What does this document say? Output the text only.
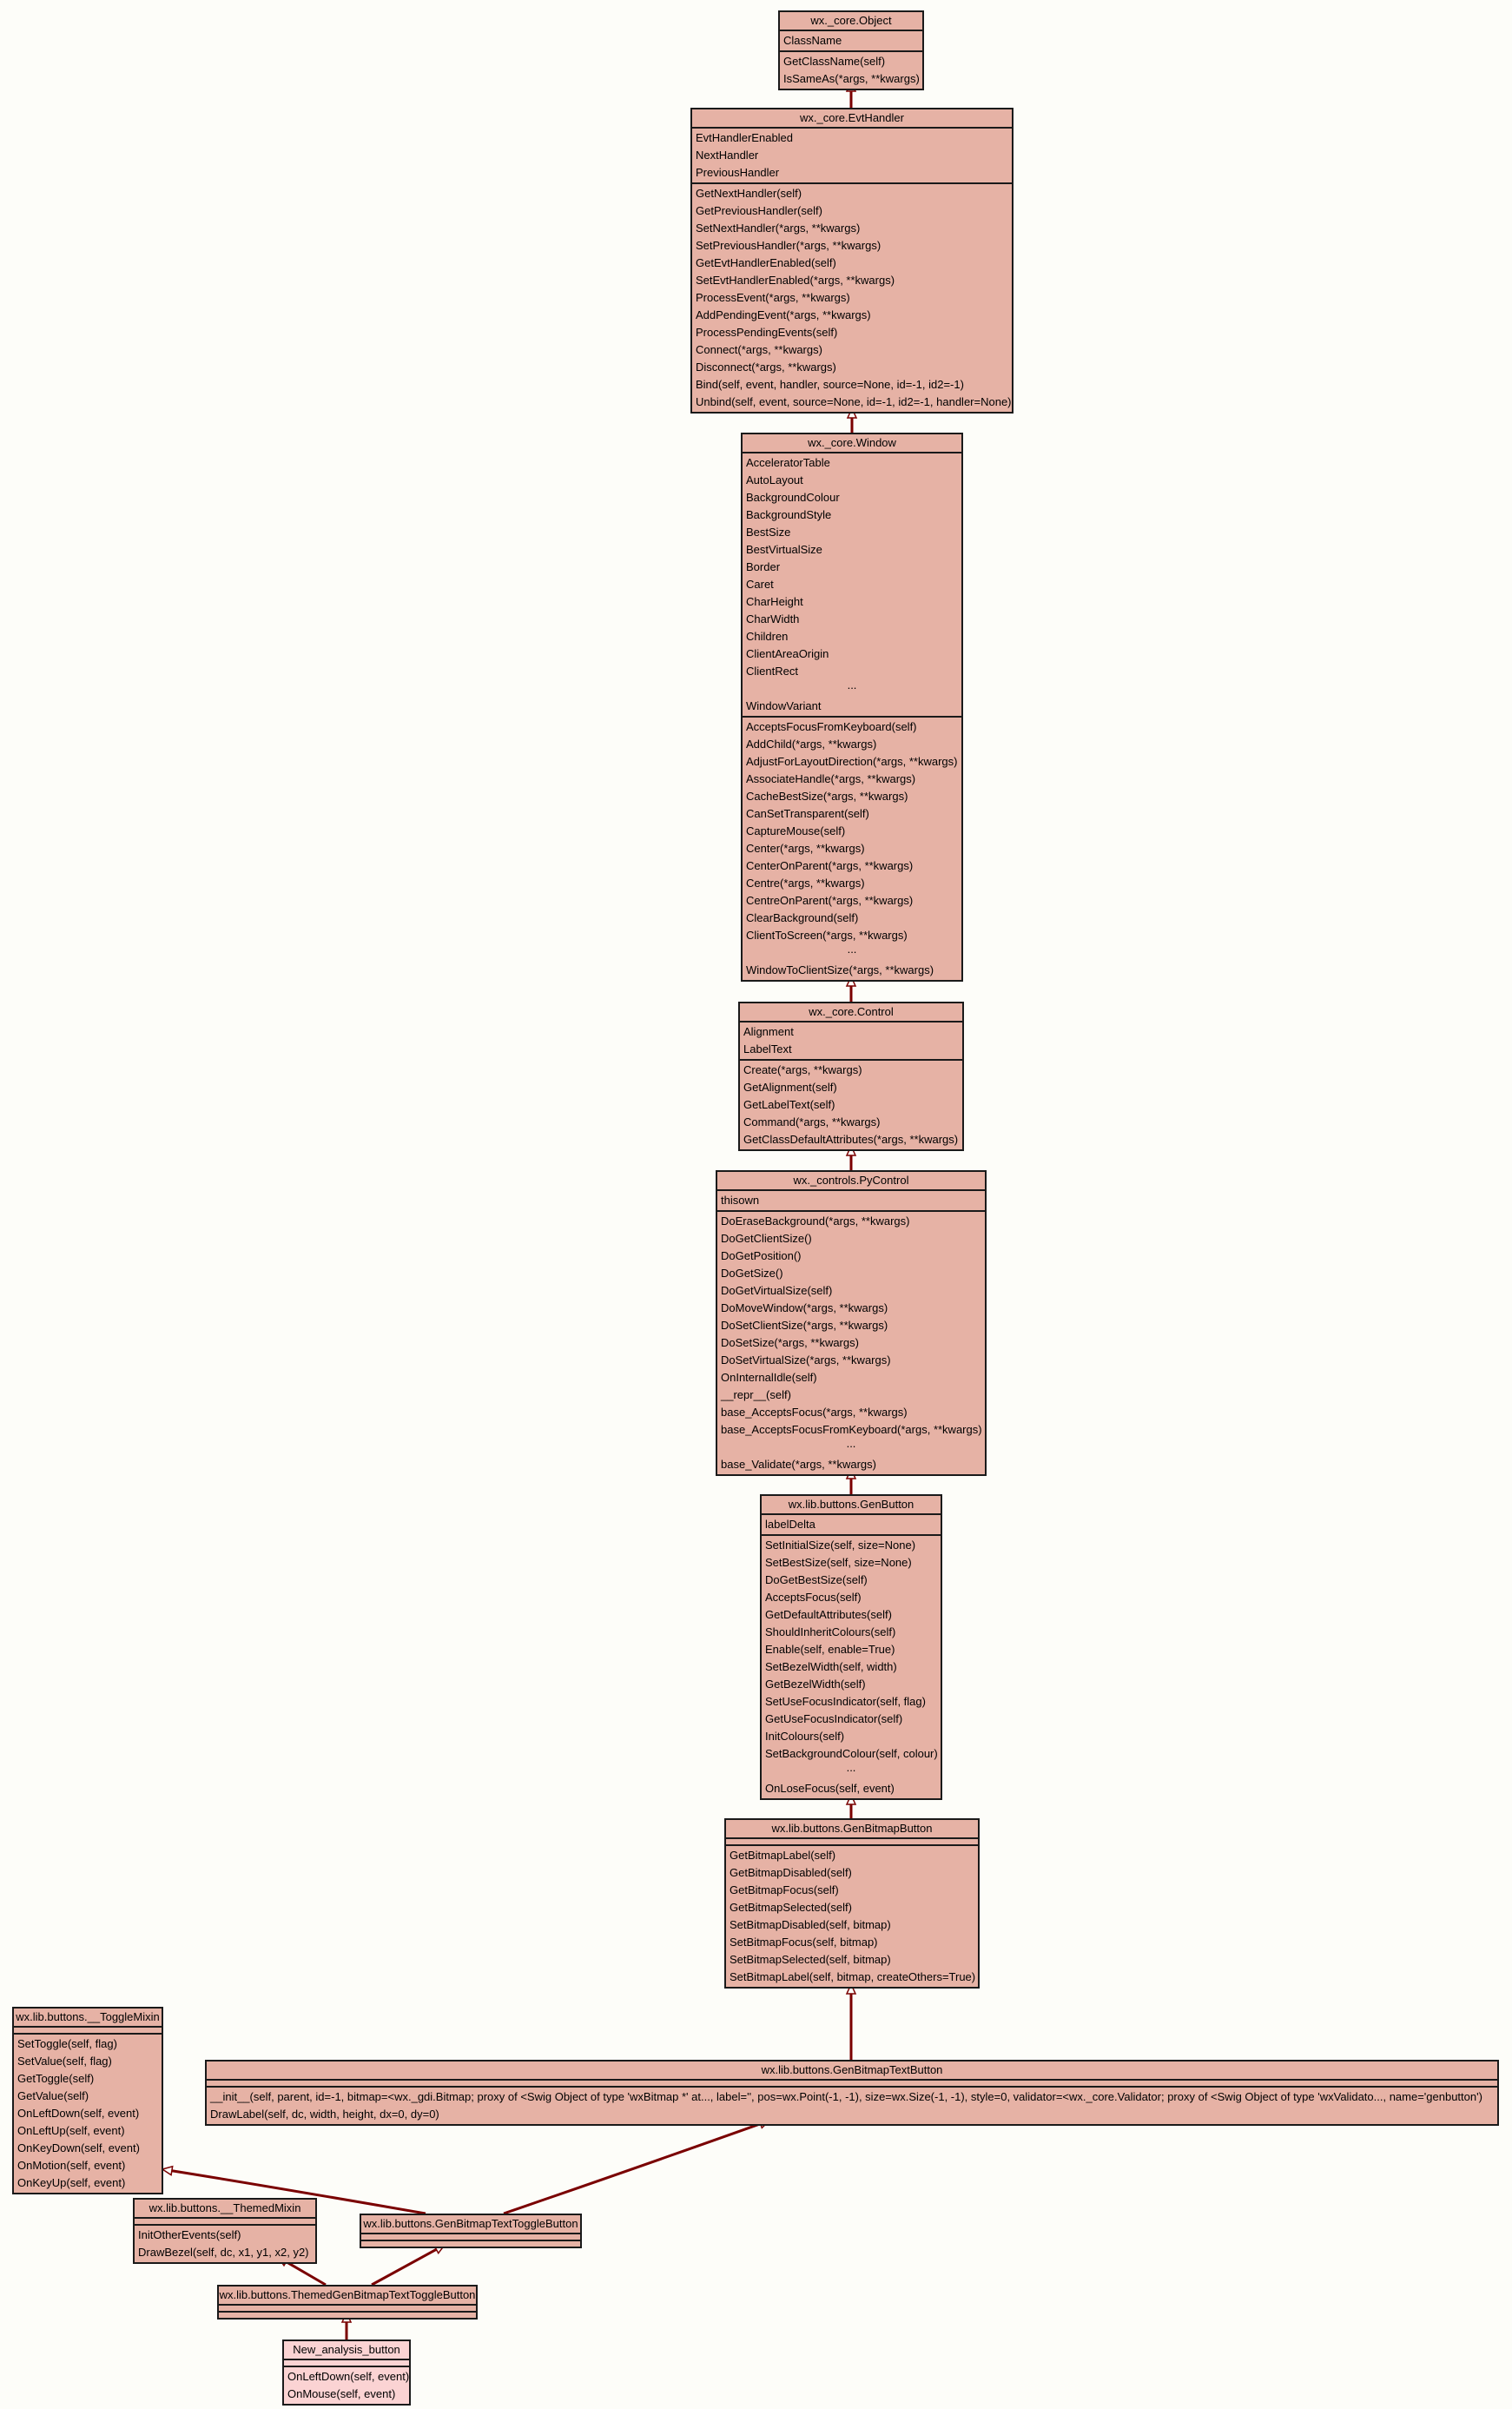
wx._core.Object
ClassName
GetClassName(self)
IsSameAs(*args, **kwargs)
wx._core.EvtHandler
EvtHandlerEnabled
NextHandler
PreviousHandler
GetNextHandler(self)
GetPreviousHandler(self)
SetNextHandler(*args, **kwargs)
SetPreviousHandler(*args, **kwargs)
GetEvtHandlerEnabled(self)
SetEvtHandlerEnabled(*args, **kwargs)
ProcessEvent(*args, **kwargs)
AddPendingEvent(*args, **kwargs)
ProcessPendingEvents(self)
Connect(*args, **kwargs)
Disconnect(*args, **kwargs)
Bind(self, event, handler, source=None, id=-1, id2=-1)
Unbind(self, event, source=None, id=-1, id2=-1, handler=None)
wx._core.Window
AcceleratorTable
AutoLayout
BackgroundColour
BackgroundStyle
BestSize
BestVirtualSize
Border
Caret
CharHeight
CharWidth
Children
ClientAreaOrigin
ClientRect
...
WindowVariant
AcceptsFocusFromKeyboard(self)
AddChild(*args, **kwargs)
AdjustForLayoutDirection(*args, **kwargs)
AssociateHandle(*args, **kwargs)
CacheBestSize(*args, **kwargs)
CanSetTransparent(self)
CaptureMouse(self)
Center(*args, **kwargs)
CenterOnParent(*args, **kwargs)
Centre(*args, **kwargs)
CentreOnParent(*args, **kwargs)
ClearBackground(self)
ClientToScreen(*args, **kwargs)
...
WindowToClientSize(*args, **kwargs)
wx._core.Control
Alignment
LabelText
Create(*args, **kwargs)
GetAlignment(self)
GetLabelText(self)
Command(*args, **kwargs)
GetClassDefaultAttributes(*args, **kwargs)
wx._controls.PyControl
thisown
DoEraseBackground(*args, **kwargs)
DoGetClientSize()
DoGetPosition()
DoGetSize()
DoGetVirtualSize(self)
DoMoveWindow(*args, **kwargs)
DoSetClientSize(*args, **kwargs)
DoSetSize(*args, **kwargs)
DoSetVirtualSize(*args, **kwargs)
OnInternalIdle(self)
__repr__(self)
base_AcceptsFocus(*args, **kwargs)
base_AcceptsFocusFromKeyboard(*args, **kwargs)
...
base_Validate(*args, **kwargs)
wx.lib.buttons.GenButton
labelDelta
SetInitialSize(self, size=None)
SetBestSize(self, size=None)
DoGetBestSize(self)
AcceptsFocus(self)
GetDefaultAttributes(self)
ShouldInheritColours(self)
Enable(self, enable=True)
SetBezelWidth(self, width)
GetBezelWidth(self)
SetUseFocusIndicator(self, flag)
GetUseFocusIndicator(self)
InitColours(self)
SetBackgroundColour(self, colour)
...
OnLoseFocus(self, event)
wx.lib.buttons.GenBitmapButton
GetBitmapLabel(self)
GetBitmapDisabled(self)
GetBitmapFocus(self)
GetBitmapSelected(self)
SetBitmapDisabled(self, bitmap)
SetBitmapFocus(self, bitmap)
SetBitmapSelected(self, bitmap)
SetBitmapLabel(self, bitmap, createOthers=True)
wx.lib.buttons.GenBitmapTextButton
__init__(self, parent, id=-1, bitmap=<wx._gdi.Bitmap; proxy of <Swig Object of type 'wxBitmap *' at..., label='', pos=wx.Point(-1, -1), size=wx.Size(-1, -1), style=0, validator=<wx._core.Validator; proxy of <Swig Object of type 'wxValidato..., name='genbutton')
DrawLabel(self, dc, width, height, dx=0, dy=0)
wx.lib.buttons.__ToggleMixin
SetToggle(self, flag)
SetValue(self, flag)
GetToggle(self)
GetValue(self)
OnLeftDown(self, event)
OnLeftUp(self, event)
OnKeyDown(self, event)
OnMotion(self, event)
OnKeyUp(self, event)
wx.lib.buttons.__ThemedMixin
InitOtherEvents(self)
DrawBezel(self, dc, x1, y1, x2, y2)
wx.lib.buttons.GenBitmapTextToggleButton
wx.lib.buttons.ThemedGenBitmapTextToggleButton
New_analysis_button
OnLeftDown(self, event)
OnMouse(self, event)
